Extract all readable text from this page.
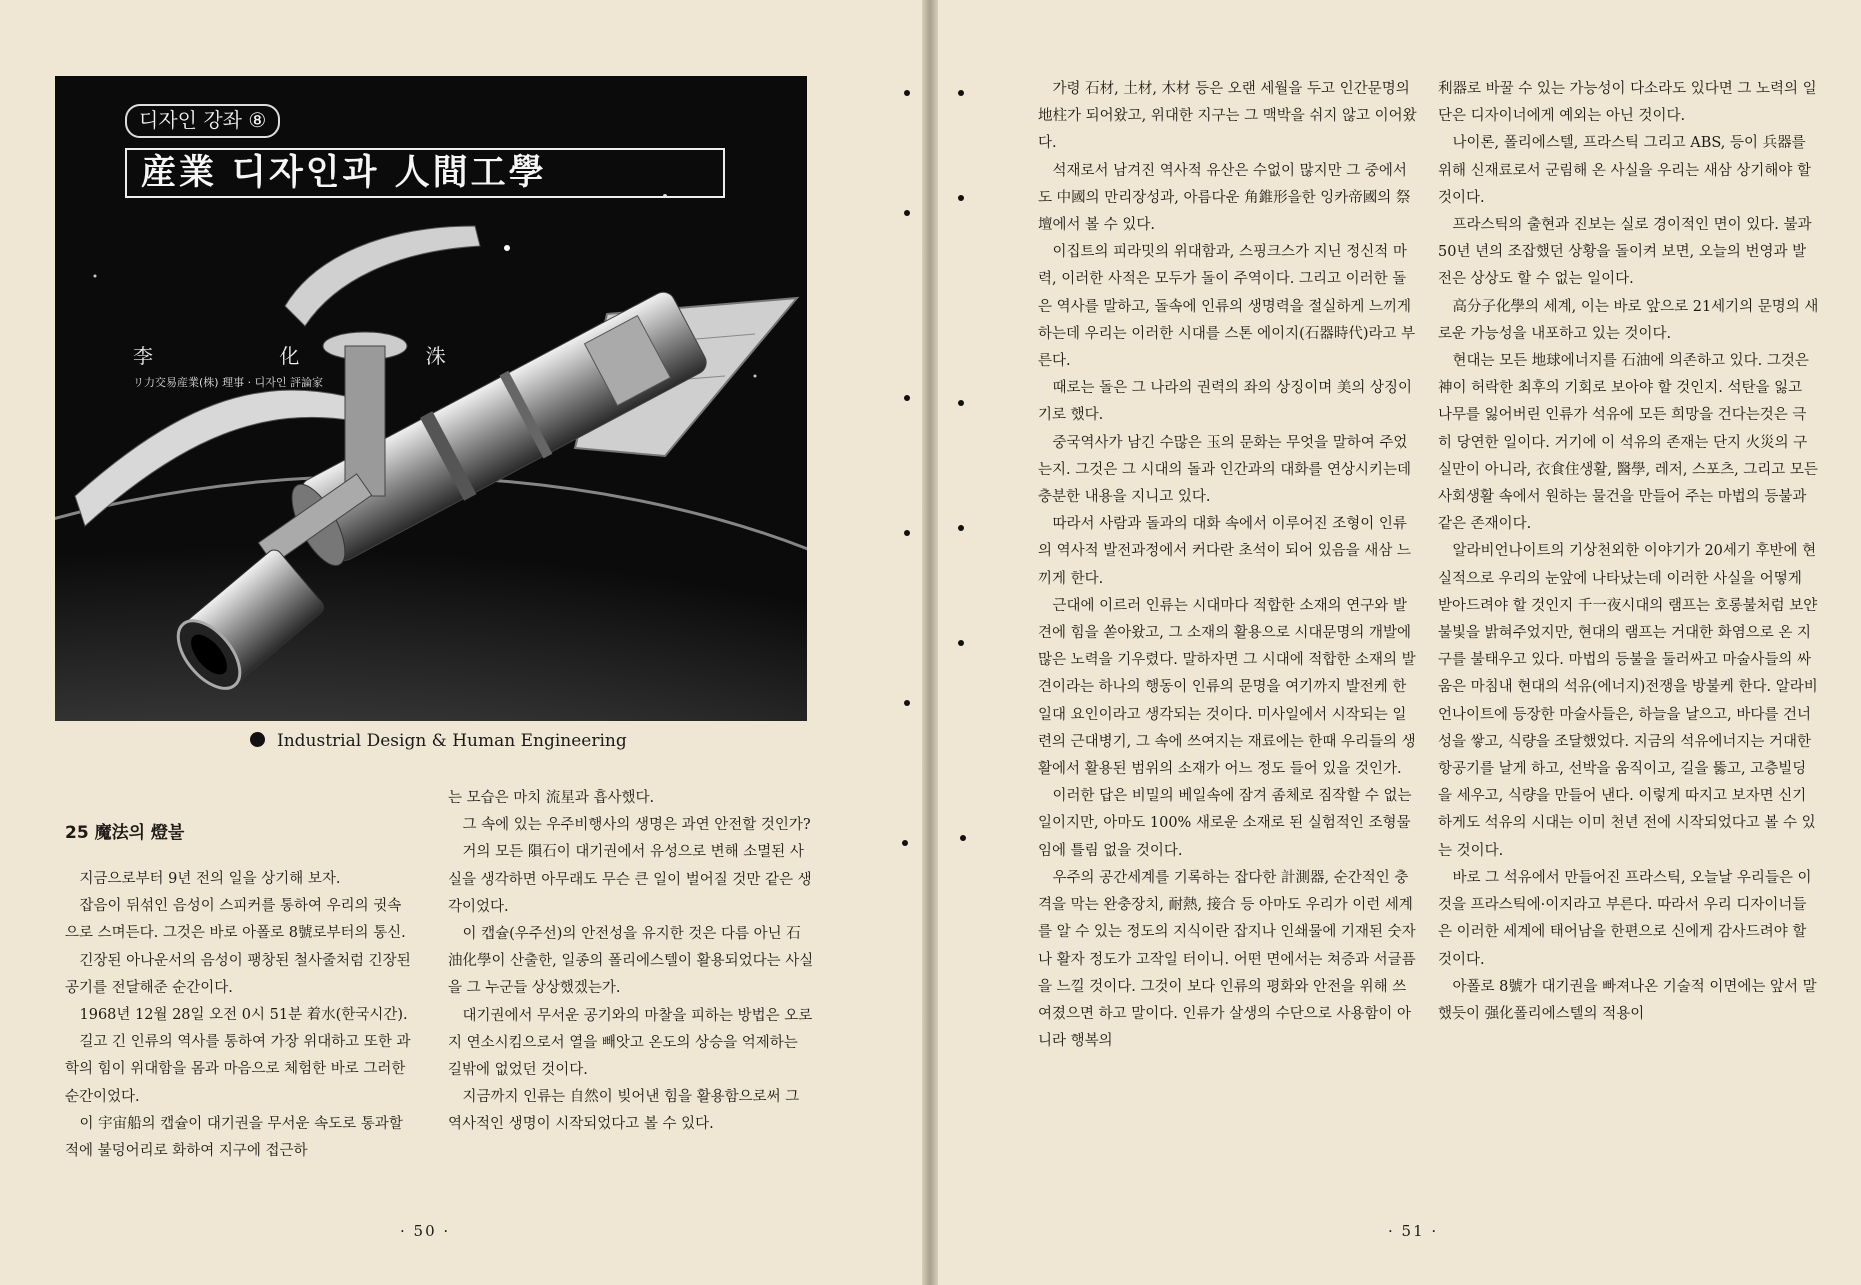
디자인 강좌 ⑧
産業 디자인과 人間工學
李 化 洙
リ力交易産業(株) 理事 · 디자인 評論家
Industrial Design & Human Engineering
25 魔法의 燈불

지금으로부터 9년 전의 일을 상기해 보자.

잡음이 뒤섞인 음성이 스피커를 통하여 우리의 귓속으로 스며든다. 그것은 바로 아폴로 8號로부터의 통신.

긴장된 아나운서의 음성이 팽창된 철사줄처럼 긴장된 공기를 전달해준 순간이다.

1968년 12월 28일 오전 0시 51분 着水(한국시간).

길고 긴 인류의 역사를 통하여 가장 위대하고 또한 과학의 힘이 위대함을 몸과 마음으로 체험한 바로 그러한 순간이었다.

이 宇宙船의 캡슐이 대기권을 무서운 속도로 통과할 적에 불덩어리로 화하여 지구에 접근하

는 모습은 마치 流星과 흡사했다.

그 속에 있는 우주비행사의 생명은 과연 안전할 것인가?

거의 모든 隕石이 대기권에서 유성으로 변해 소멸된 사실을 생각하면 아무래도 무슨 큰 일이 벌어질 것만 같은 생각이었다.

이 캡슐(우주선)의 안전성을 유지한 것은 다름 아닌 石油化學이 산출한, 일종의 폴리에스텔이 활용되었다는 사실을 그 누군들 상상했겠는가.

대기권에서 무서운 공기와의 마찰을 피하는 방법은 오로지 연소시킴으로서 열을 빼앗고 온도의 상승을 억제하는 길밖에 없었던 것이다.

지금까지 인류는 自然이 빚어낸 힘을 활용함으로써 그 역사적인 생명이 시작되었다고 볼 수 있다.

· 50 ·

가령 石材, 土材, 木材 등은 오랜 세월을 두고 인간문명의 地柱가 되어왔고, 위대한 지구는 그 맥박을 쉬지 않고 이어왔다.

석재로서 남겨진 역사적 유산은 수없이 많지만 그 중에서도 中國의 만리장성과, 아름다운 角錐形을한 잉카帝國의 祭壇에서 볼 수 있다.

이집트의 피라밋의 위대함과, 스핑크스가 지닌 정신적 마력, 이러한 사적은 모두가 돌이 주역이다. 그리고 이러한 돌은 역사를 말하고, 돌속에 인류의 생명력을 절실하게 느끼게 하는데 우리는 이러한 시대를 스톤 에이지(石器時代)라고 부른다.

때로는 돌은 그 나라의 권력의 좌의 상징이며 美의 상징이기로 했다.

중국역사가 남긴 수많은 玉의 문화는 무엇을 말하여 주었는지. 그것은 그 시대의 돌과 인간과의 대화를 연상시키는데 충분한 내용을 지니고 있다.

따라서 사람과 돌과의 대화 속에서 이루어진 조형이 인류의 역사적 발전과정에서 커다란 초석이 되어 있음을 새삼 느끼게 한다.

근대에 이르러 인류는 시대마다 적합한 소재의 연구와 발견에 힘을 쏟아왔고, 그 소재의 활용으로 시대문명의 개발에 많은 노력을 기우렸다. 말하자면 그 시대에 적합한 소재의 발견이라는 하나의 행동이 인류의 문명을 여기까지 발전케 한 일대 요인이라고 생각되는 것이다. 미사일에서 시작되는 일련의 근대병기, 그 속에 쓰여지는 재료에는 한때 우리들의 생활에서 활용된 범위의 소재가 어느 정도 들어 있을 것인가.

이러한 답은 비밀의 베일속에 잠겨 좀체로 짐작할 수 없는 일이지만, 아마도 100% 새로운 소재로 된 실험적인 조형물임에 틀림 없을 것이다.

우주의 공간세계를 기록하는 잡다한 計測器, 순간적인 충격을 막는 완충장치, 耐熱, 接合 등 아마도 우리가 이런 세계를 알 수 있는 정도의 지식이란 잡지나 인쇄물에 기재된 숫자나 활자 정도가 고작일 터이니. 어떤 면에서는 쳐증과 서글픔을 느낄 것이다. 그것이 보다 인류의 평화와 안전을 위해 쓰여졌으면 하고 말이다. 인류가 살생의 수단으로 사용함이 아니라 행복의

利器로 바꿀 수 있는 가능성이 다소라도 있다면 그 노력의 일단은 디자이너에게 예외는 아닌 것이다.

나이론, 폴리에스텔, 프라스틱 그리고 ABS, 등이 兵器를 위해 신재료로서 군림해 온 사실을 우리는 새삼 상기해야 할 것이다.

프라스틱의 출현과 진보는 실로 경이적인 면이 있다. 불과 50년 년의 조잡했던 상황을 돌이켜 보면, 오늘의 번영과 발전은 상상도 할 수 없는 일이다.

高分子化學의 세계, 이는 바로 앞으로 21세기의 문명의 새로운 가능성을 내포하고 있는 것이다.

현대는 모든 地球에너지를 石油에 의존하고 있다. 그것은 神이 허락한 최후의 기회로 보아야 할 것인지. 석탄을 잃고 나무를 잃어버린 인류가 석유에 모든 희망을 건다는것은 극히 당연한 일이다. 거기에 이 석유의 존재는 단지 火災의 구실만이 아니라, 衣食住생활, 醫學, 레저, 스포츠, 그리고 모든 사회생활 속에서 원하는 물건을 만들어 주는 마법의 등불과 같은 존재이다.

알라비언나이트의 기상천외한 이야기가 20세기 후반에 현실적으로 우리의 눈앞에 나타났는데 이러한 사실을 어떻게 받아드려야 할 것인지 千一夜시대의 램프는 호롱불처럼 보얀 불빛을 밝혀주었지만, 현대의 램프는 거대한 화염으로 온 지구를 불태우고 있다. 마법의 등불을 둘러싸고 마술사들의 싸움은 마침내 현대의 석유(에너지)전쟁을 방불케 한다. 알라비언나이트에 등장한 마술사들은, 하늘을 날으고, 바다를 건너 성을 쌓고, 식량을 조달했었다. 지금의 석유에너지는 거대한 항공기를 날게 하고, 선박을 움직이고, 길을 뚫고, 고층빌딩을 세우고, 식량을 만들어 낸다. 이렇게 따지고 보자면 신기하게도 석유의 시대는 이미 천년 전에 시작되었다고 볼 수 있는 것이다.

바로 그 석유에서 만들어진 프라스틱, 오늘날 우리들은 이것을 프라스틱에·이지라고 부른다. 따라서 우리 디자이너들은 이러한 세계에 태어남을 한편으로 신에게 감사드려야 할 것이다.

아폴로 8號가 대기권을 빠져나온 기술적 이면에는 앞서 말했듯이 强化폴리에스텔의 적용이

· 51 ·
